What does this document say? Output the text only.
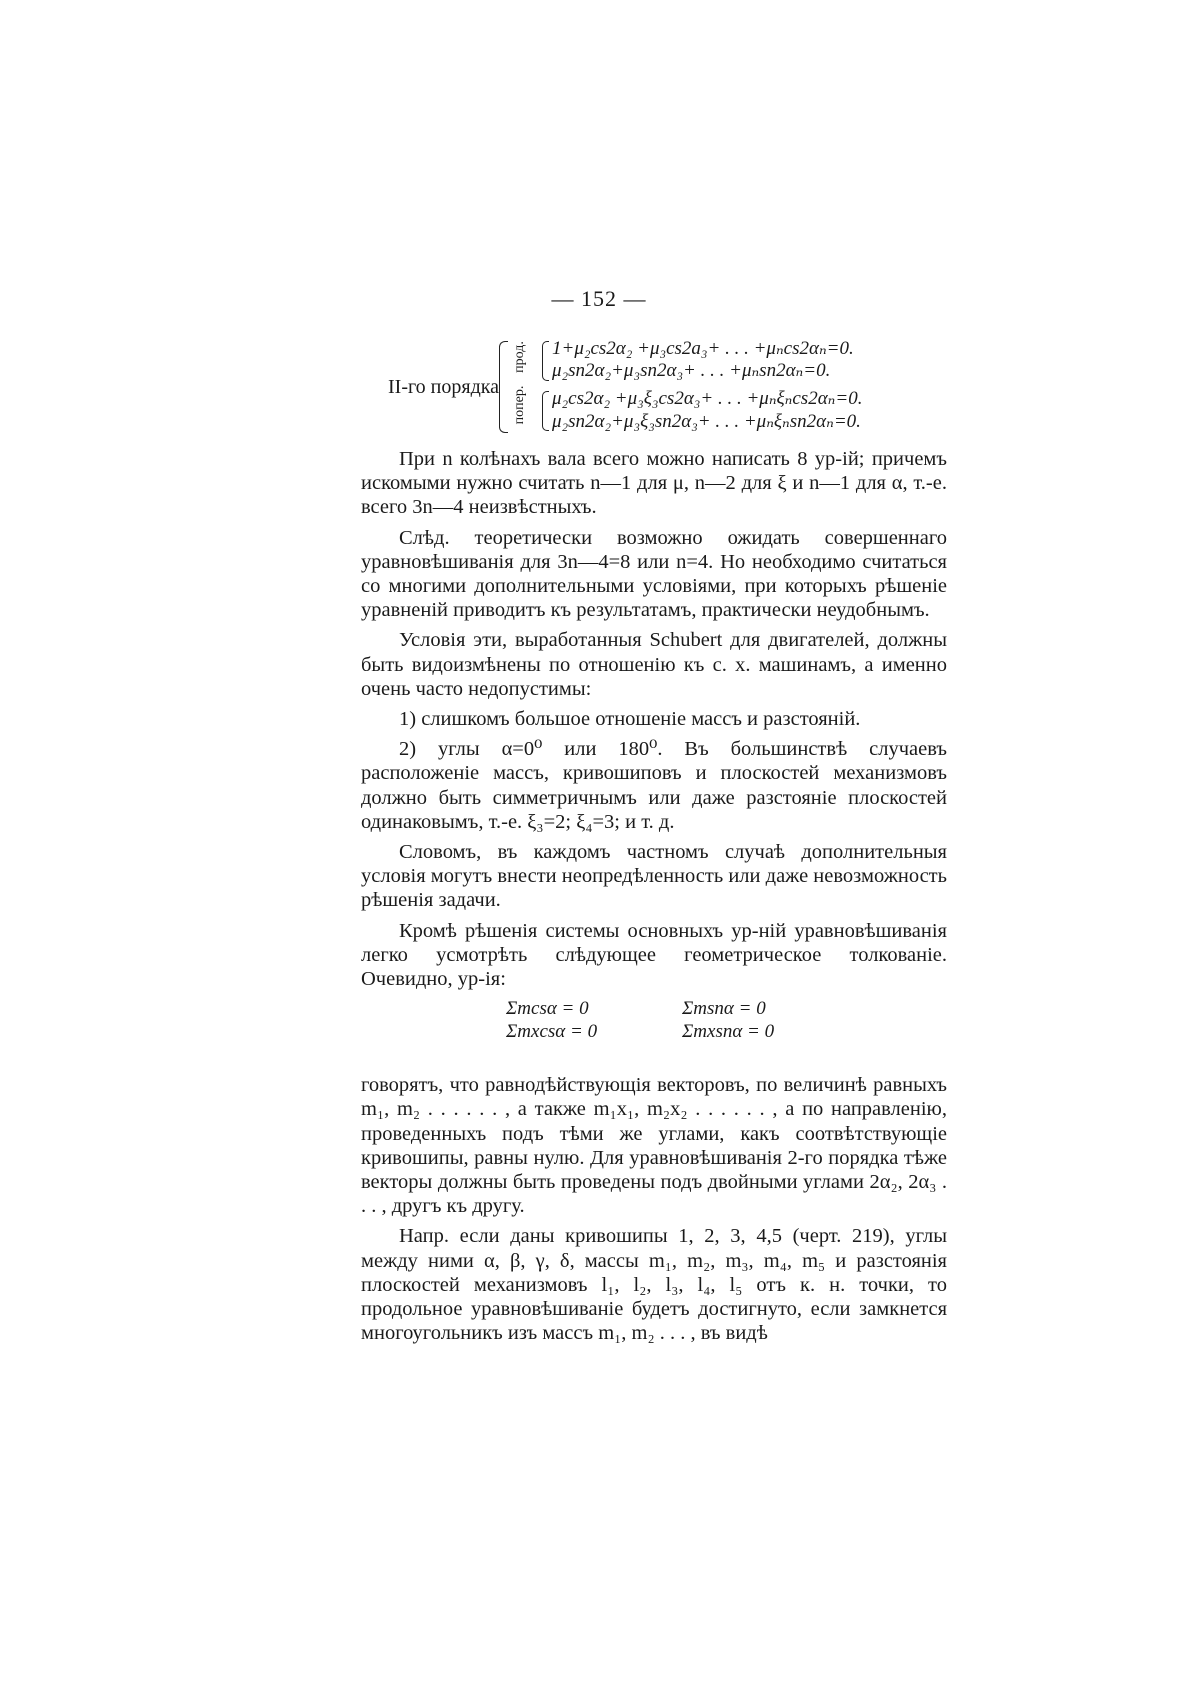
— 152 —
II-го порядка
прод.
попер.
1+μ₂cs2α₂ +μ₃cs2a₃+ . . . +μₙcs2αₙ=0.
μ₂sn2α₂+μ₃sn2α₃+ . . . +μₙsn2αₙ=0.
μ₂cs2α₂ +μ₃ξ₃cs2α₃+ . . . +μₙξₙcs2αₙ=0.
μ₂sn2α₂+μ₃ξ₃sn2α₃+ . . . +μₙξₙsn2αₙ=0.

При n колѣнахъ вала всего можно написать 8 ур-iй; причемъ искомыми нужно считать n—1 для μ, n—2 для ξ и n—1 для α, т.-е. всего 3n—4 неизвѣстныхъ.

Слѣд. теоретически возможно ожидать совершеннаго уравновѣшиванiя для 3n—4=8 или n=4. Но необходимо считаться со многими дополнительными условiями, при которыхъ рѣшенiе уравненiй приводитъ къ результатамъ, практически неудобнымъ.

Условiя эти, выработанныя Schubert для двигателей, должны быть видоизмѣнены по отношенiю къ с. х. машинамъ, а именно очень часто недопустимы:

1) слишкомъ большое отношенiе массъ и разстоянiй.

2) углы α=0⁰ или 180⁰. Въ большинствѣ случаевъ расположенiе массъ, кривошиповъ и плоскостей механизмовъ должно быть симметричнымъ или даже разстоянiе плоскостей одинаковымъ, т.-е. ξ₃=2; ξ₄=3; и т. д.

Словомъ, въ каждомъ частномъ случаѣ дополнительныя условiя могутъ внести неопредѣленность или даже невозможность рѣшенiя задачи.

Кромѣ рѣшенiя системы основныхъ ур-нiй уравновѣшиванiя легко усмотрѣть слѣдующее геометрическое толкованiе. Очевидно, ур-iя:

Σmcsα = 0	Σmsnα = 0
Σmxcsα = 0	Σmxsnα = 0

говорятъ, что равнодѣйствующiя векторовъ, по величинѣ равныхъ m₁, m₂ . . . . . . , а также m₁x₁, m₂x₂ . . . . . . , а по направленiю, проведенныхъ подъ тѣми же углами, какъ соотвѣтствующiе кривошипы, равны нулю. Для уравновѣшиванiя 2-го порядка тѣже векторы должны быть проведены подъ двойными углами 2α₂, 2α₃ . . . , другъ къ другу.

Напр. если даны кривошипы 1, 2, 3, 4,5 (черт. 219), углы между ними α, β, γ, δ, массы m₁, m₂, m₃, m₄, m₅ и разстоянiя плоскостей механизмовъ l₁, l₂, l₃, l₄, l₅ отъ к. н. точки, то продольное уравновѣшиванiе будетъ достигнуто, если замкнется многоугольникъ изъ массъ m₁, m₂ . . . , въ видѣ
